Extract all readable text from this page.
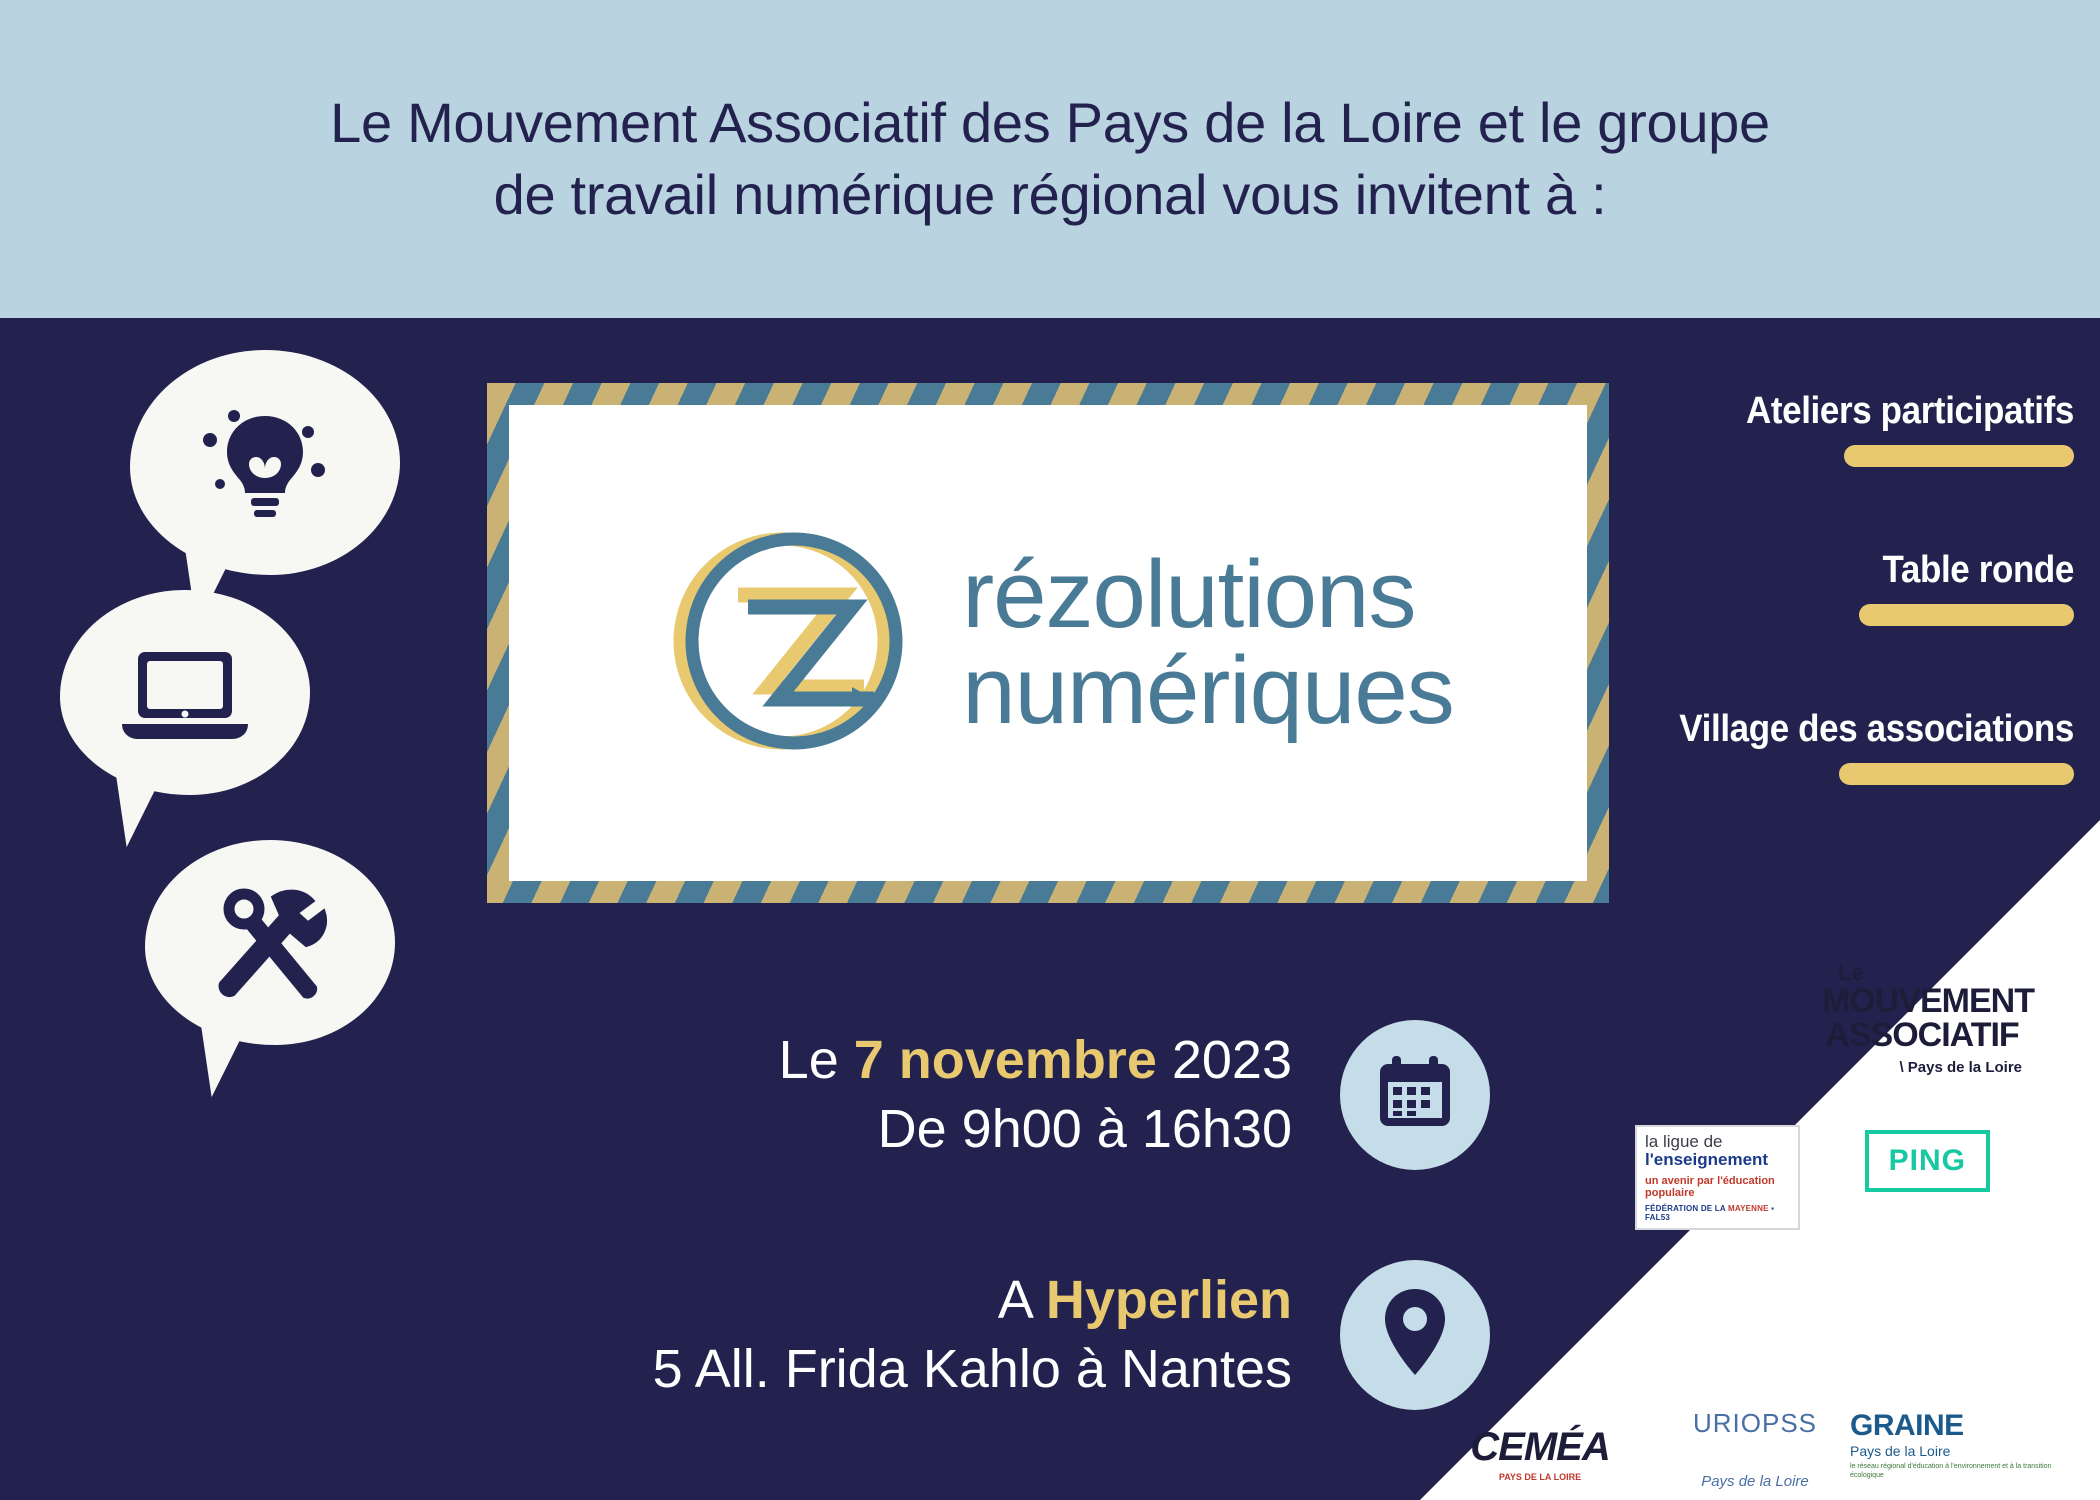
Le Mouvement Associatif des Pays de la Loire et le groupe
de travail numérique régional vous invitent à :
rézolutions
numériques
Ateliers participatifs
Table ronde
Village des associations
Le 7 novembre 2023
De 9h00 à 16h30
A Hyperlien
5 All. Frida Kahlo à Nantes
Le
MOUVEMENT
ASSOCIATIF
\ Pays de la Loire
la ligue de
l'enseignement
un avenir par l'éducation populaire
FÉDÉRATION DE LA MAYENNE ▪ FAL53
PING
CEMÉA
PAYS DE LA LOIRE
URIOPSS
Pays de la Loire
GRAINE
Pays de la Loire
le réseau régional d'éducation à l'environnement et à la transition écologique
